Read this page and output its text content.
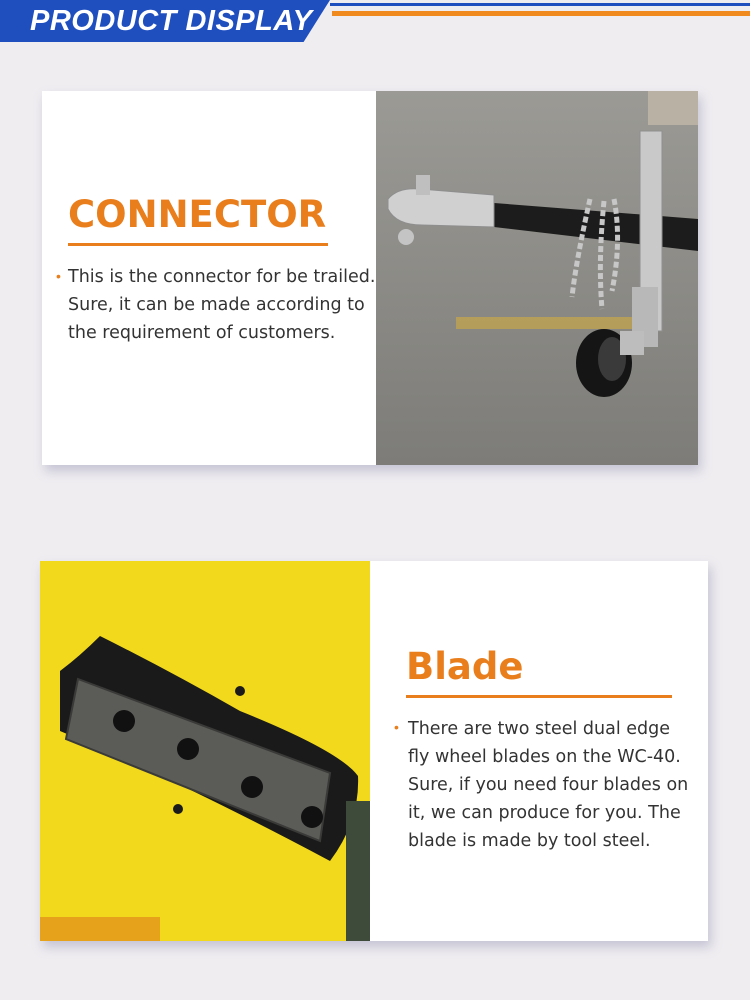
PRODUCT DISPLAY
CONNECTOR
• This is the connector for be trailed.
Sure, it can be made according to
the requirement of customers.
Blade
• There are two steel dual edge
fly wheel blades on the WC-40.
Sure, if you need four blades on
it, we can produce for you. The
blade is made by tool steel.
